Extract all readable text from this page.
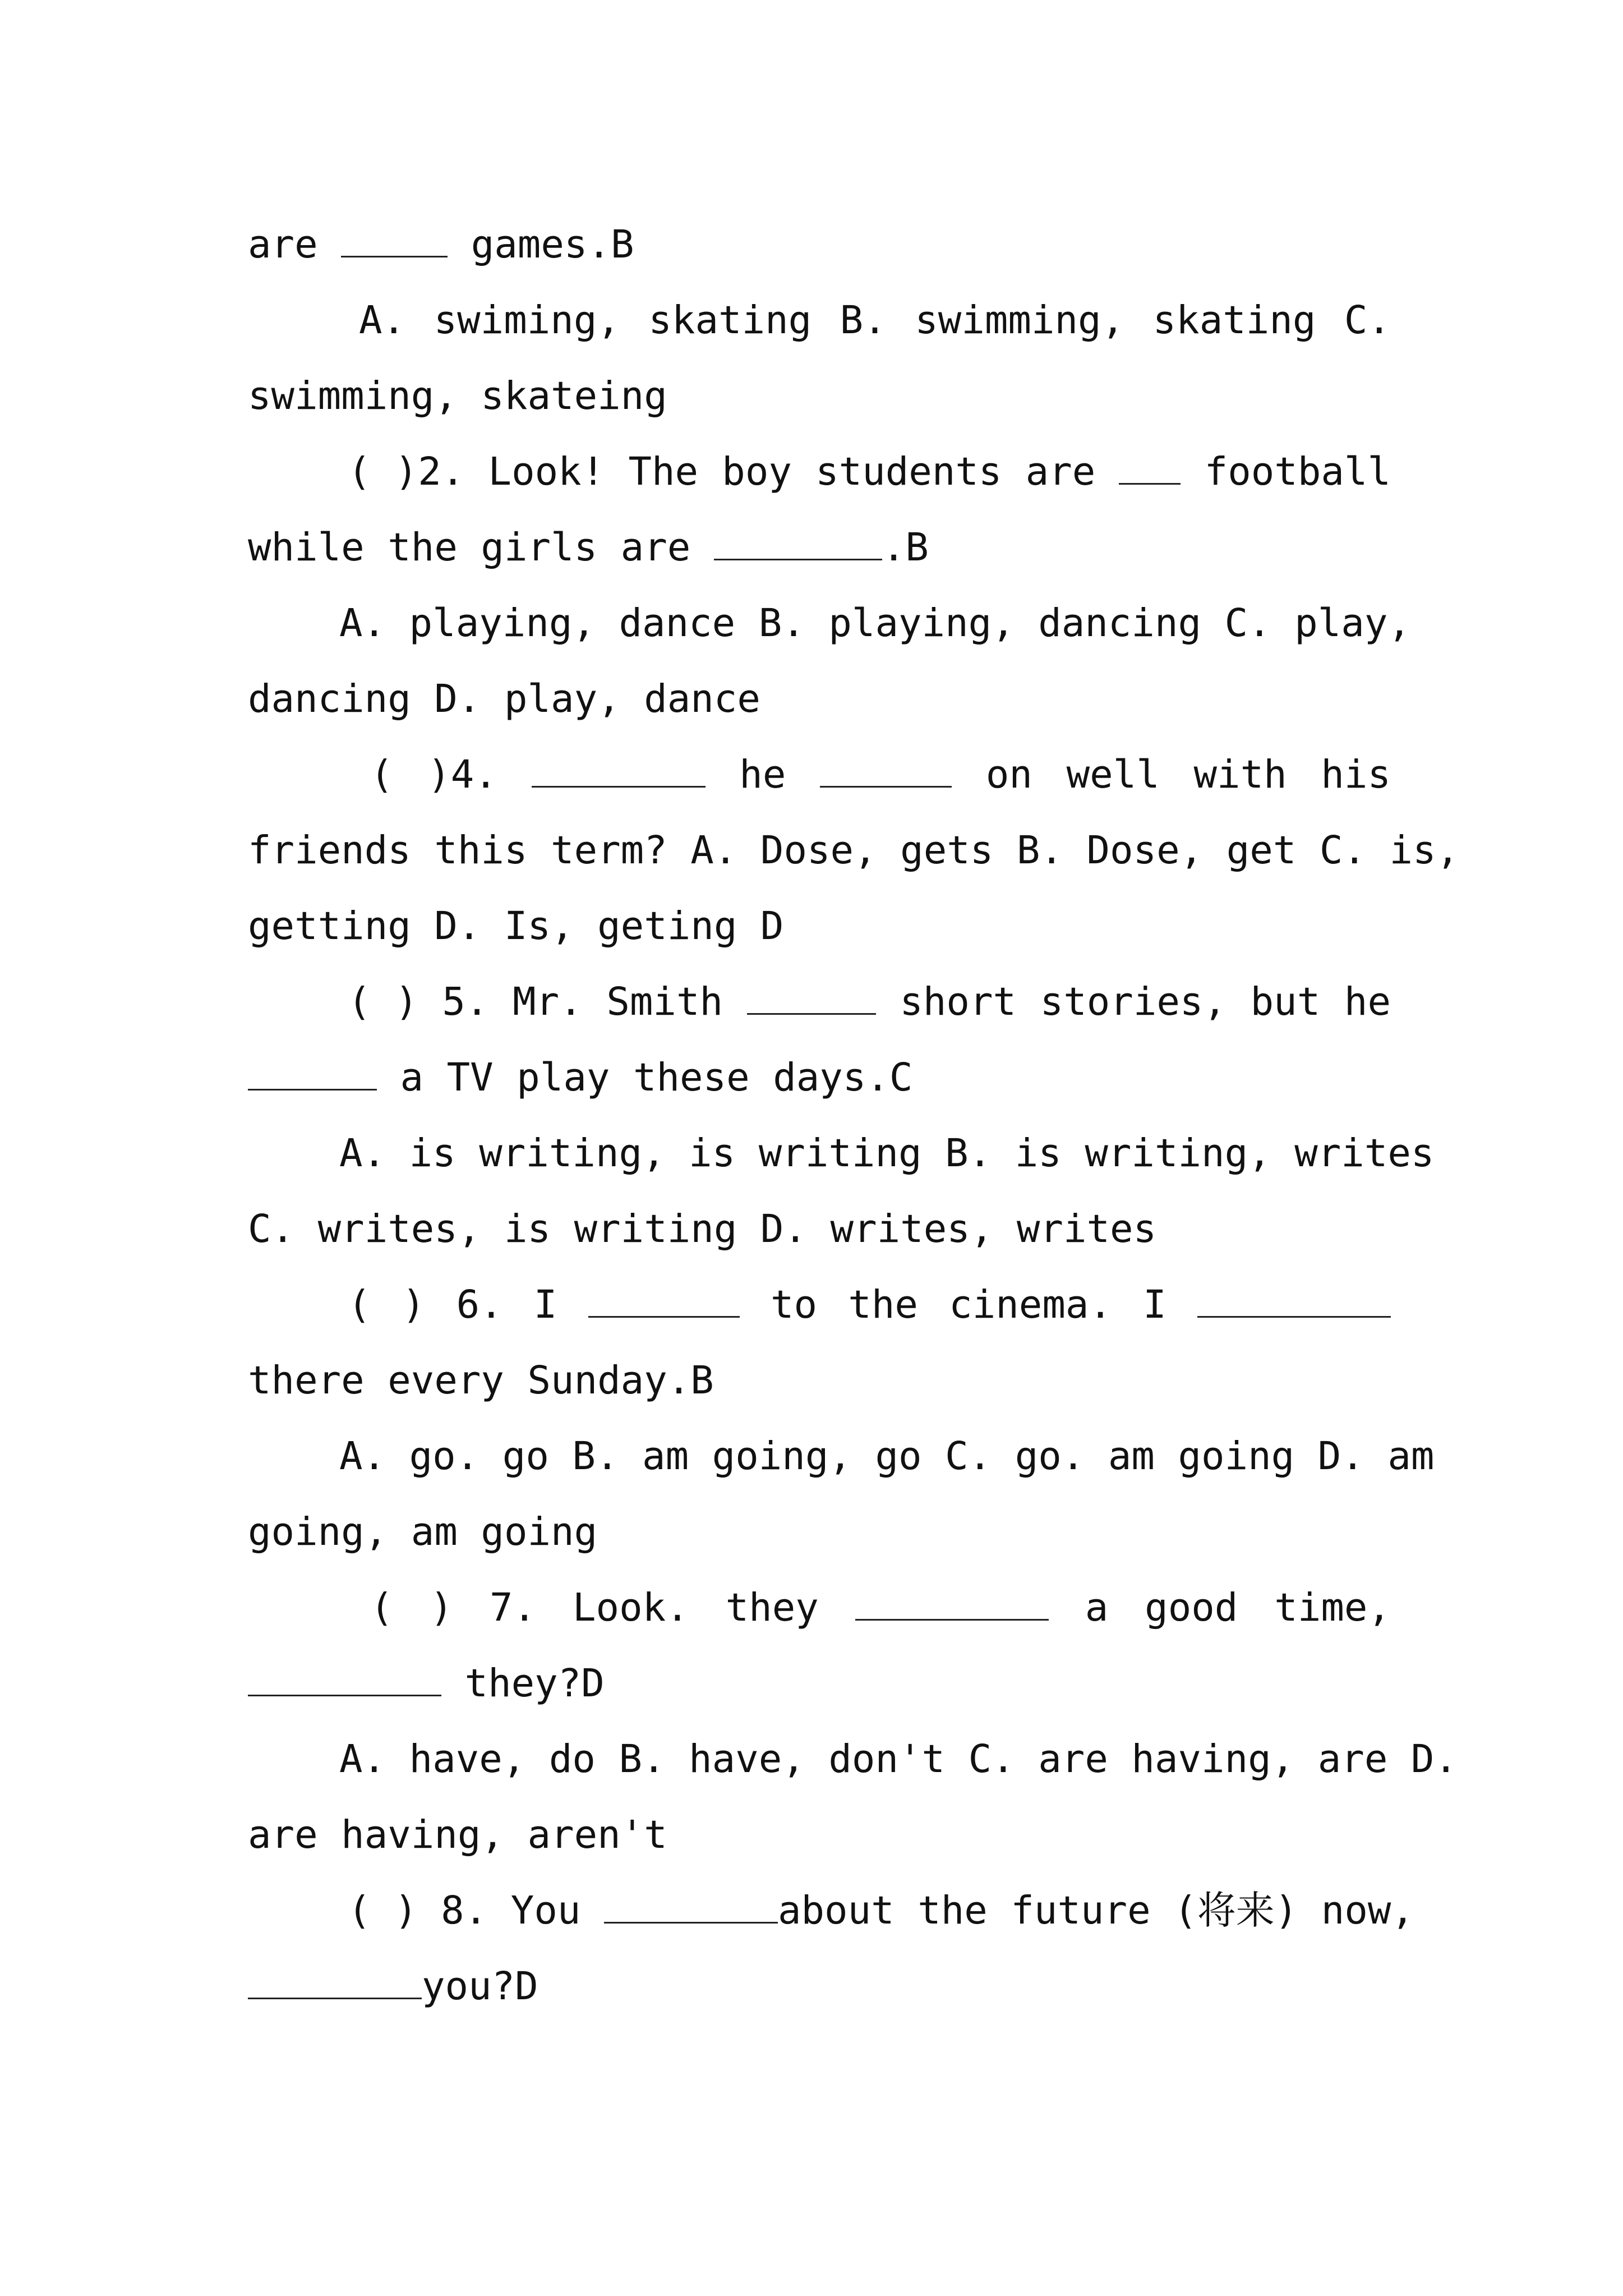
are	games.B
A. swiming, skating B. swimming, skating C.
swimming, skateing
( )2. Look! The boy students are  football
while the girls are	.B
A. playing, dance B. playing, dancing C. play,
dancing D. play, dance
( )4.	he	on well with his
friends this term? A. Dose, gets B. Dose, get C. is,
getting D. Is, geting D
( ) 5. Mr. Smith	short stories, but he
a TV play these days.C
A. is writing, is writing B. is writing, writes
C. writes, is writing D. writes, writes
( ) 6. I	to the cinema. I
there every Sunday.B
A. go. go B. am going, go C. go. am going D. am
going, am going
( ) 7. Look. they	a good time,
they?D
A. have, do B. have, don't C. are having, are D.
are having, aren't
( ) 8. You	about the future (将来) now,
you?D
